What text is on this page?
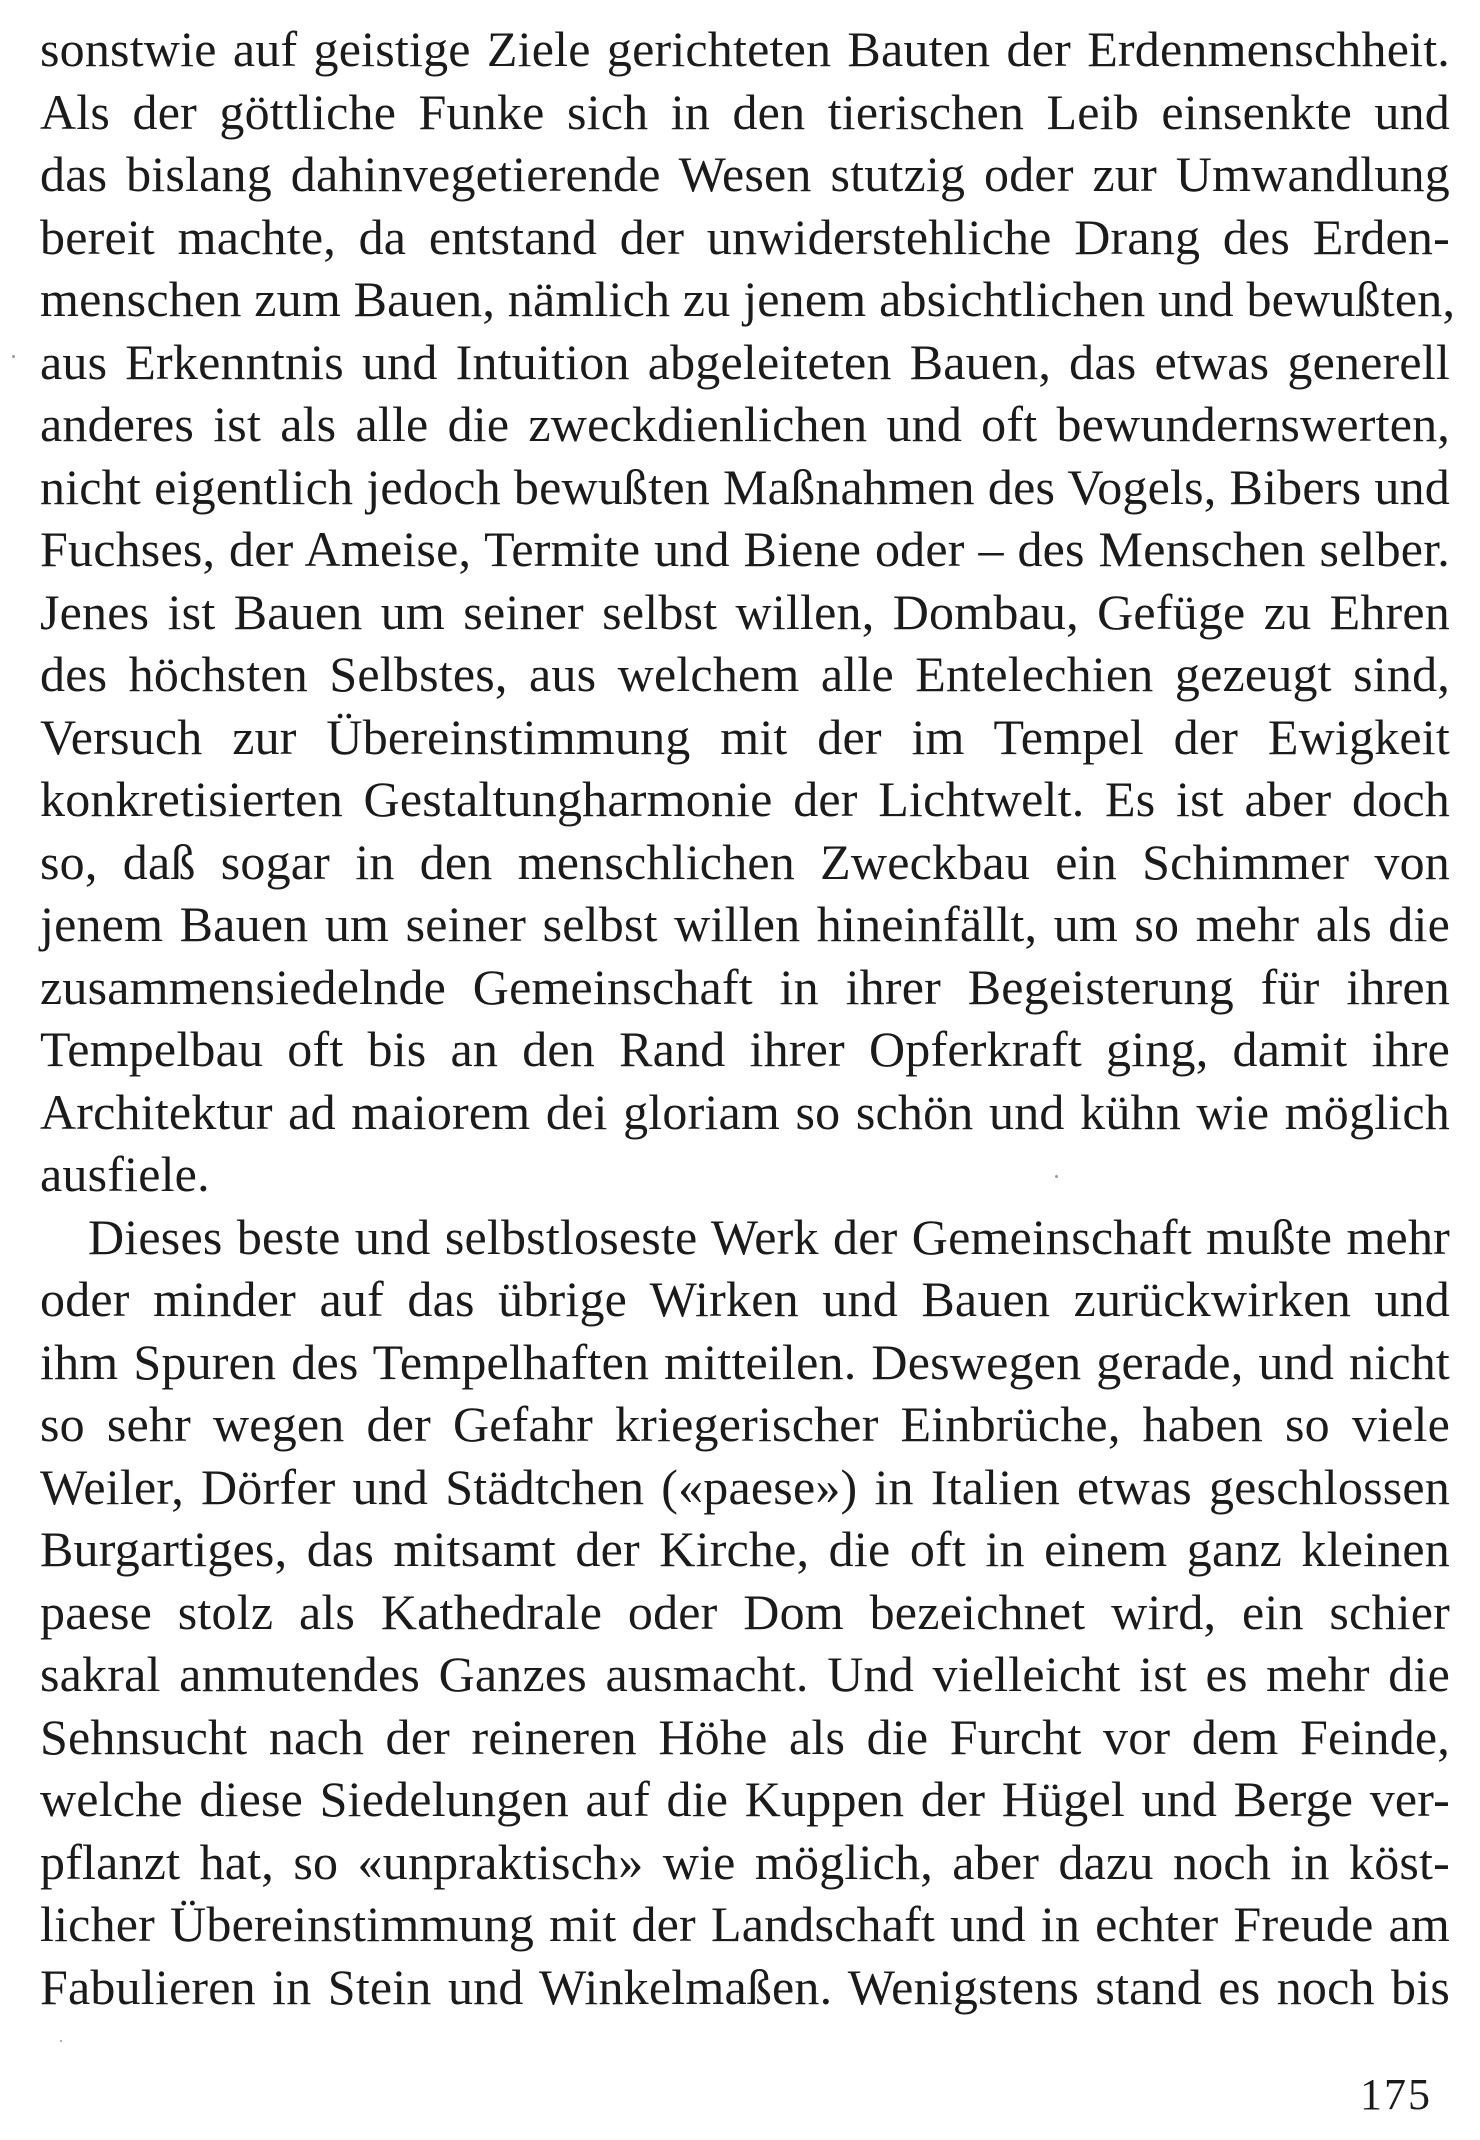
sonstwie auf geistige Ziele gerichteten Bauten der Erdenmenschheit.
Als der göttliche Funke sich in den tierischen Leib einsenkte und
das bislang dahinvegetierende Wesen stutzig oder zur Umwandlung
bereit machte, da entstand der unwiderstehliche Drang des Erden-
menschen zum Bauen, nämlich zu jenem absichtlichen und bewußten,
aus Erkenntnis und Intuition abgeleiteten Bauen, das etwas generell
anderes ist als alle die zweckdienlichen und oft bewundernswerten,
nicht eigentlich jedoch bewußten Maßnahmen des Vogels, Bibers und
Fuchses, der Ameise, Termite und Biene oder – des Menschen selber.
Jenes ist Bauen um seiner selbst willen, Dombau, Gefüge zu Ehren
des höchsten Selbstes, aus welchem alle Entelechien gezeugt sind,
Versuch zur Übereinstimmung mit der im Tempel der Ewigkeit
konkretisierten Gestaltungharmonie der Lichtwelt. Es ist aber doch
so, daß sogar in den menschlichen Zweckbau ein Schimmer von
jenem Bauen um seiner selbst willen hineinfällt, um so mehr als die
zusammensiedelnde Gemeinschaft in ihrer Begeisterung für ihren
Tempelbau oft bis an den Rand ihrer Opferkraft ging, damit ihre
Architektur ad maiorem dei gloriam so schön und kühn wie möglich
ausfiele.
Dieses beste und selbstloseste Werk der Gemeinschaft mußte mehr
oder minder auf das übrige Wirken und Bauen zurückwirken und
ihm Spuren des Tempelhaften mitteilen. Deswegen gerade, und nicht
so sehr wegen der Gefahr kriegerischer Einbrüche, haben so viele
Weiler, Dörfer und Städtchen («paese») in Italien etwas geschlossen
Burgartiges, das mitsamt der Kirche, die oft in einem ganz kleinen
paese stolz als Kathedrale oder Dom bezeichnet wird, ein schier
sakral anmutendes Ganzes ausmacht. Und vielleicht ist es mehr die
Sehnsucht nach der reineren Höhe als die Furcht vor dem Feinde,
welche diese Siedelungen auf die Kuppen der Hügel und Berge ver-
pflanzt hat, so «unpraktisch» wie möglich, aber dazu noch in köst-
licher Übereinstimmung mit der Landschaft und in echter Freude am
Fabulieren in Stein und Winkelmaßen. Wenigstens stand es noch bis
175
